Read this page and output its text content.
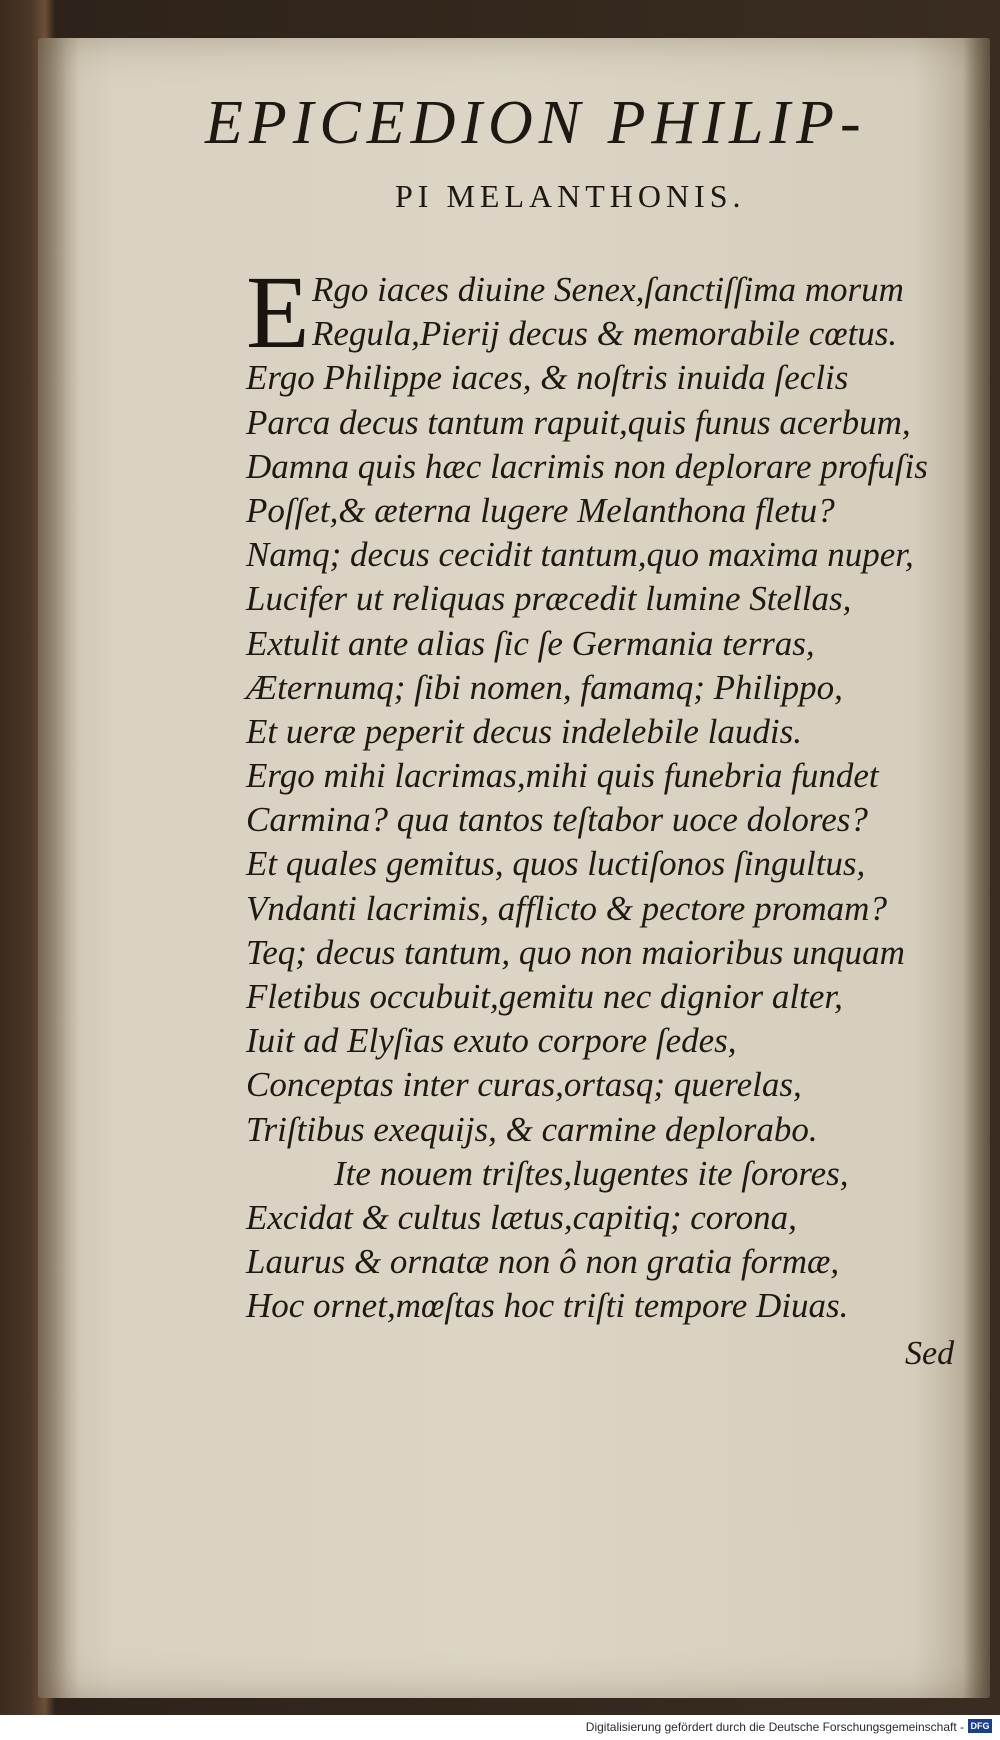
EPICEDION PHILIP-
PI MELANTHONIS.
E Rgo iaces diuine Senex,ſanctiſſima morum
Regula,Pierij decus & memorabile cœtus.
Ergo Philippe iaces, & noſtris inuida ſeclis
Parca decus tantum rapuit,quis funus acerbum,
Damna quis hæc lacrimis non deplorare profuſis
Poſſet,& æterna lugere Melanthona fletu?
Namq; decus cecidit tantum,quo maxima nuper,
Lucifer ut reliquas præcedit lumine Stellas,
Extulit ante alias ſic ſe Germania terras,
Æternumq; ſibi nomen, famamq; Philippo,
Et ueræ peperit decus indelebile laudis.
Ergo mihi lacrimas,mihi quis funebria fundet
Carmina? qua tantos teſtabor uoce dolores?
Et quales gemitus, quos luctiſonos ſingultus,
Vndanti lacrimis, afflicto & pectore promam?
Teq; decus tantum, quo non maioribus unquam
Fletibus occubuit,gemitu nec dignior alter,
Iuit ad Elyſias exuto corpore ſedes,
Conceptas inter curas,ortasq; querelas,
Triſtibus exequijs, & carmine deplorabo.
Ite nouem triſtes,lugentes ite ſorores,
Excidat & cultus lætus,capitiq; corona,
Laurus & ornatæ non ô non gratia formæ,
Hoc ornet,mœſtas hoc triſti tempore Diuas.
Sed
Digitalisierung gefördert durch die Deutsche Forschungsgemeinschaft - DFG
